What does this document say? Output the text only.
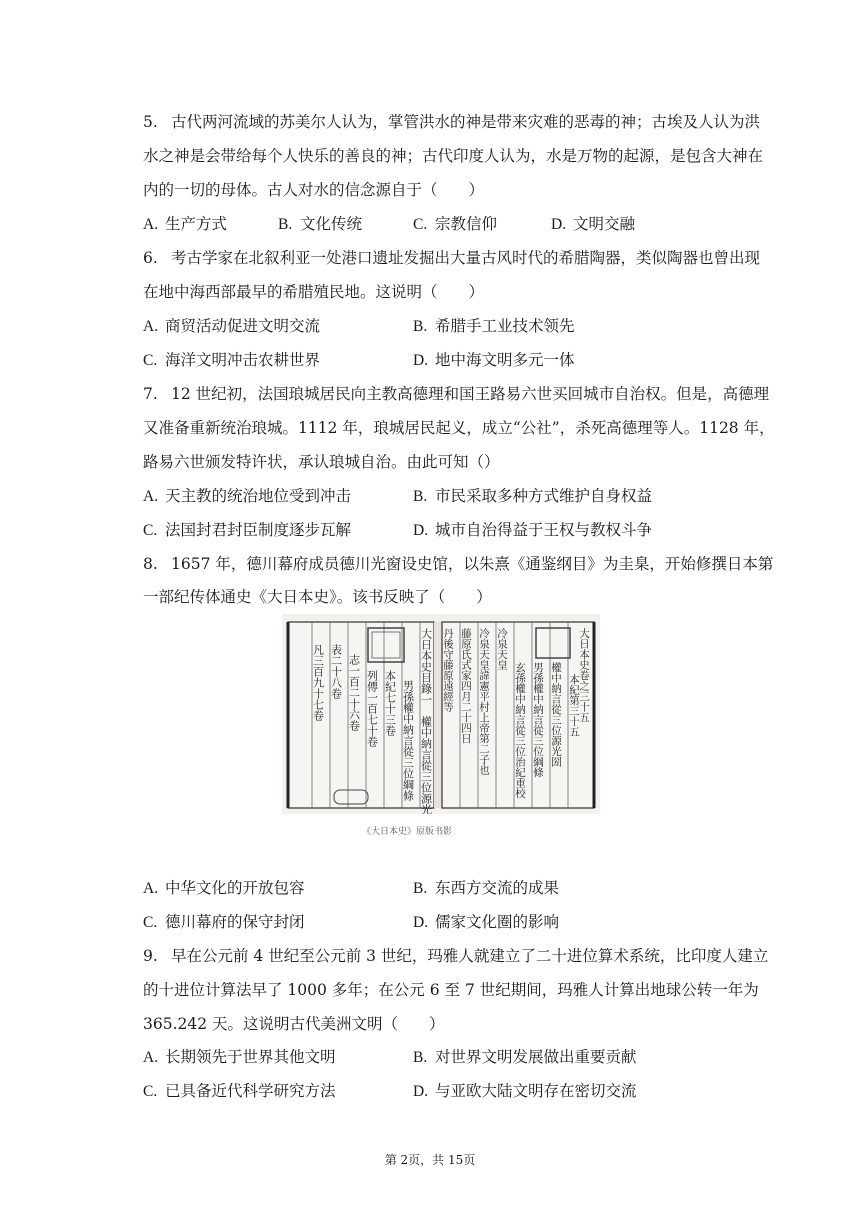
5. 古代两河流域的苏美尔人认为，掌管洪水的神是带来灾难的恶毒的神；古埃及人认为洪
水之神是会带给每个人快乐的善良的神；古代印度人认为，水是万物的起源，是包含大神在
内的一切的母体。古人对水的信念源自于（　　）
A. 生产方式	B. 文化传统	C. 宗教信仰	D. 文明交融
6. 考古学家在北叙利亚一处港口遗址发掘出大量古风时代的希腊陶器，类似陶器也曾出现
在地中海西部最早的希腊殖民地。这说明（　　）
A. 商贸活动促进文明交流	B. 希腊手工业技术领先
C. 海洋文明冲击农耕世界	D. 地中海文明多元一体
7. 12 世纪初，法国琅城居民向主教高德理和国王路易六世买回城市自治权。但是，高德理
又准备重新统治琅城。1112 年，琅城居民起义，成立“公社”，杀死高德理等人。1128 年，
路易六世颁发特许状，承认琅城自治。由此可知（）
A. 天主教的统治地位受到冲击	B. 市民采取多种方式维护自身权益
C. 法国封君封臣制度逐步瓦解	D. 城市自治得益于王权与教权斗争
8. 1657 年，德川幕府成员德川光窗设史馆，以朱熹《通鉴纲目》为圭臬，开始修撰日本第
一部纪传体通史《大日本史》。该书反映了（　　）
凡三百九十七卷 表二十八卷 志一百二十六卷 列傳一百七十卷 本紀七十三卷 男孫權中納言從三位綱條 大日本史目錄一　權中納言從三位源光圀 丹後守藤原遠經等 藤原氏式家四月二十四日 冷泉天皇諱憲平村上帝第二子也 冷泉天皇
玄孫權中納言從三位治紀重校 男孫權中納言從三位綱條 權中納言從三位源光圀 本紀第三十五
大日本史卷之三十五
《大日本史》原版书影
A. 中华文化的开放包容	B. 东西方交流的成果
C. 德川幕府的保守封闭	D. 儒家文化圈的影响
9. 早在公元前 4 世纪至公元前 3 世纪，玛雅人就建立了二十进位算术系统，比印度人建立
的十进位计算法早了 1000 多年；在公元 6 至 7 世纪期间，玛雅人计算出地球公转一年为
365.242 天。这说明古代美洲文明（　　）
A. 长期领先于世界其他文明	B. 对世界文明发展做出重要贡献
C. 已具备近代科学研究方法	D. 与亚欧大陆文明存在密切交流
第 2页，共 15页
